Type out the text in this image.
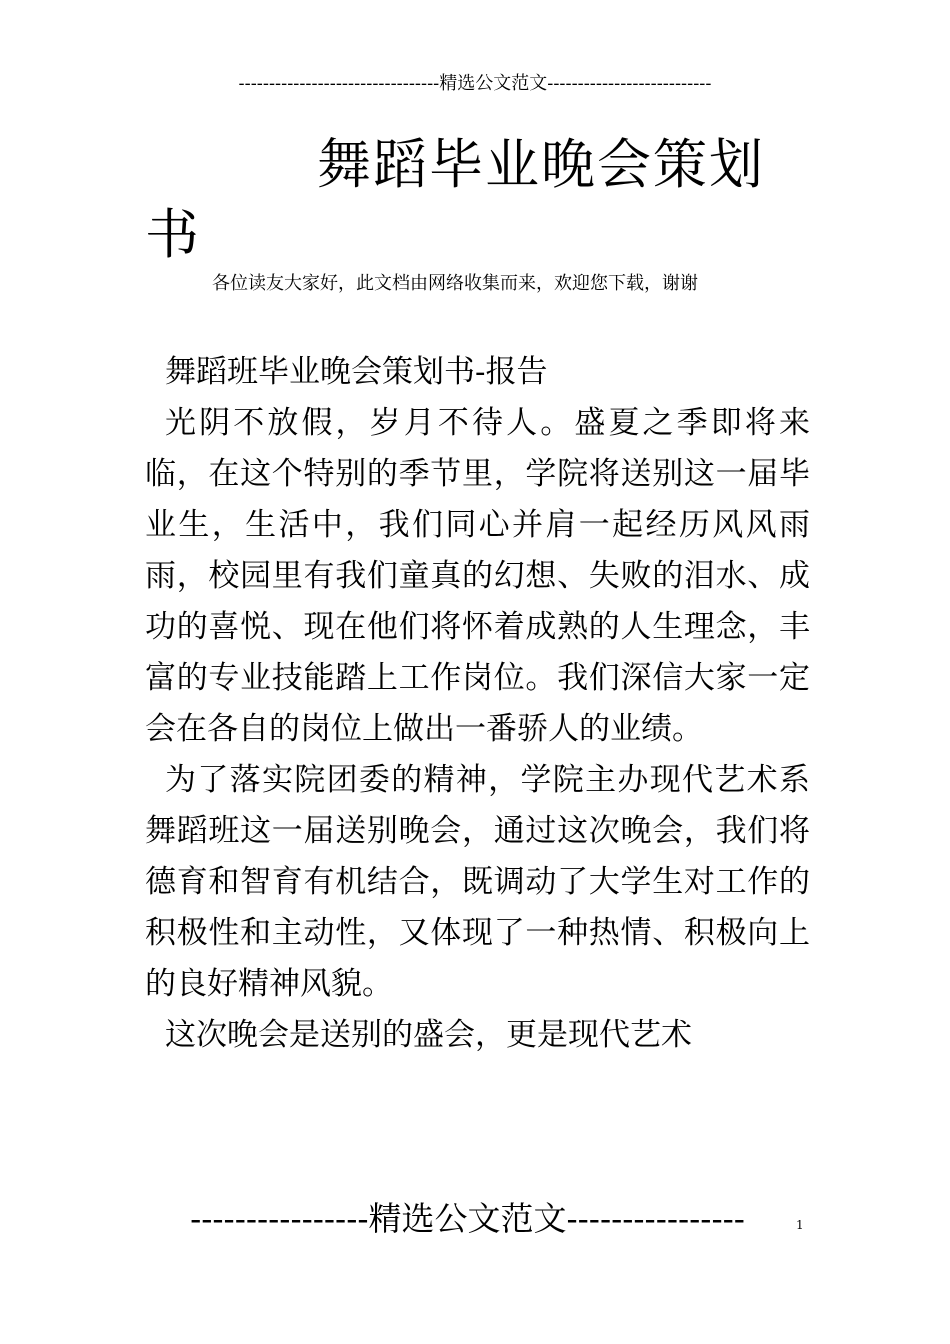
---------------------------------精选公文范文---------------------------
舞蹈毕业晚会策划
书
各位读友大家好，此文档由网络收集而来，欢迎您下载，谢谢
舞蹈班毕业晚会策划书-报告

光阴不放假，岁月不待人。盛夏之季即将来临，在这个特别的季节里，学院将送别这一届毕业生，生活中，我们同心并肩一起经历风风雨雨，校园里有我们童真的幻想、失败的泪水、成功的喜悦、现在他们将怀着成熟的人生理念，丰富的专业技能踏上工作岗位。我们深信大家一定会在各自的岗位上做出一番骄人的业绩。

为了落实院团委的精神，学院主办现代艺术系舞蹈班这一届送别晚会，通过这次晚会，我们将德育和智育有机结合，既调动了大学生对工作的积极性和主动性，又体现了一种热情、积极向上的良好精神风貌。

这次晚会是送别的盛会，更是现代艺术

----------------精选公文范文----------------	1
